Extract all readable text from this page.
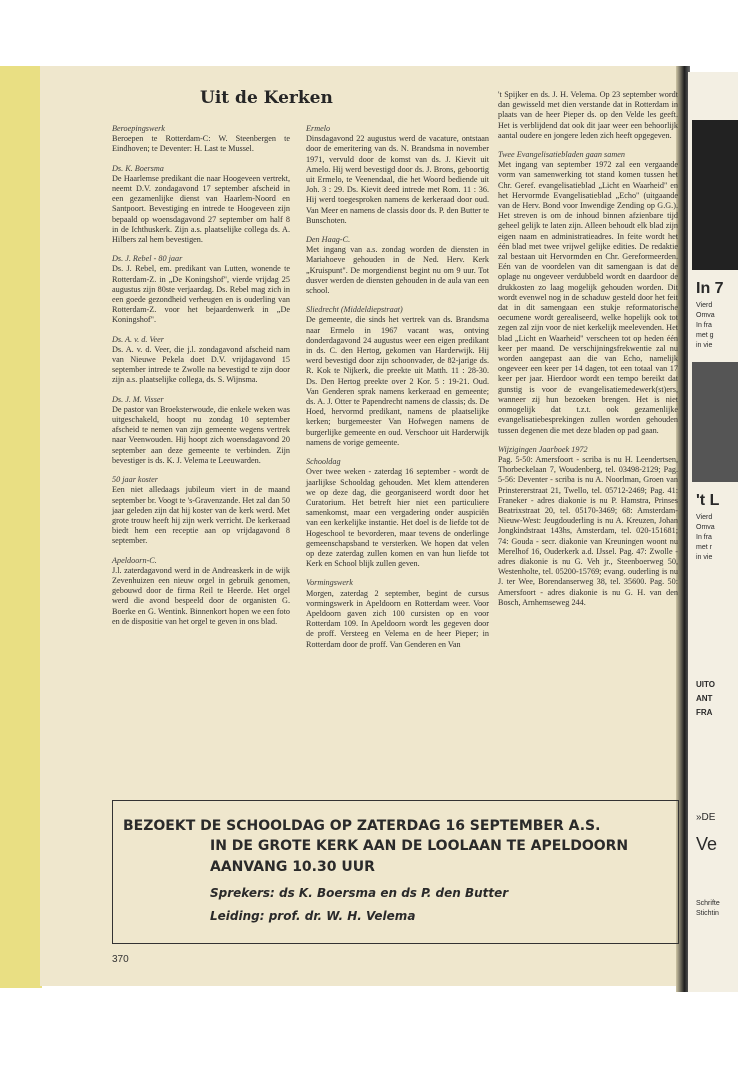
In 7
Vierd
Omva
In fra
met g
in vie
't L
Vierd
Omva
In fra
met r
in vie
UITO
ANT
FRA
»DE
Ve
Schrifte
Stichtin
Uit de Kerken
Beroepingswerk

Beroepen te Rotterdam-C: W. Steenbergen te Eindhoven; te Deventer: H. Last te Mussel.

Ds. K. Boersma

De Haarlemse predikant die naar Hoogeveen vertrekt, neemt D.V. zondagavond 17 september afscheid in een gezamenlijke dienst van Haarlem-Noord en Santpoort. Bevestiging en intrede te Hoogeveen zijn bepaald op woensdagavond 27 september om half 8 in de Ichthuskerk. Zijn a.s. plaatselijke collega ds. A. Hilbers zal hem bevestigen.

Ds. J. Rebel - 80 jaar

Ds. J. Rebel, em. predikant van Lutten, wonende te Rotterdam-Z. in „De Koningshof", vierde vrijdag 25 augustus zijn 80ste verjaardag. Ds. Rebel mag zich in een goede gezondheid verheugen en is ouderling van Rotterdam-Z. voor het bejaardenwerk in „De Koningshof".

Ds. A. v. d. Veer

Ds. A. v. d. Veer, die j.l. zondagavond afscheid nam van Nieuwe Pekela doet D.V. vrijdagavond 15 september intrede te Zwolle na bevestigd te zijn door zijn a.s. plaatselijke collega, ds. S. Wijnsma.

Ds. J. M. Visser

De pastor van Broeksterwoude, die enkele weken was uitgeschakeld, hoopt nu zondag 10 september afscheid te nemen van zijn gemeente wegens vertrek naar Veenwouden. Hij hoopt zich woensdagavond 20 september aan deze gemeente te verbinden. Zijn bevestiger is ds. K. J. Velema te Leeuwarden.

50 jaar koster

Een niet alledaags jubileum viert in de maand september br. Voogt te 's-Gravenzande. Het zal dan 50 jaar geleden zijn dat hij koster van de kerk werd. Met grote trouw heeft hij zijn werk verricht. De kerkeraad biedt hem een receptie aan op vrijdagavond 8 september.

Apeldoorn-C.

J.l. zaterdagavond werd in de Andreaskerk in de wijk Zevenhuizen een nieuw orgel in gebruik genomen, gebouwd door de firma Reil te Heerde. Het orgel werd die avond bespeeld door de organisten G. Boerke en G. Wentink. Binnenkort hopen we een foto en de dispositie van het orgel te geven in ons blad.

Ermelo

Dinsdagavond 22 augustus werd de vacature, ontstaan door de emeritering van ds. N. Brandsma in november 1971, vervuld door de komst van ds. J. Kievit uit Amelo. Hij werd bevestigd door ds. J. Brons, geboortig uit Ermelo, te Veenendaal, die het Woord bediende uit Joh. 3 : 29. Ds. Kievit deed intrede met Rom. 11 : 36. Hij werd toegesproken namens de kerkeraad door oud. Van Meer en namens de classis door ds. P. den Butter te Bunschoten.

Den Haag-C.

Met ingang van a.s. zondag worden de diensten in Mariahoeve gehouden in de Ned. Herv. Kerk „Kruispunt". De morgendienst begint nu om 9 uur. Tot dusver werden de diensten gehouden in de aula van een school.

Sliedrecht (Middeldiepstraat)

De gemeente, die sinds het vertrek van ds. Brandsma naar Ermelo in 1967 vacant was, ontving donderdagavond 24 augustus weer een eigen predikant in ds. C. den Hertog, gekomen van Harderwijk. Hij werd bevestigd door zijn schoonvader, de 82-jarige ds. R. Kok te Nijkerk, die preekte uit Matth. 11 : 28-30. Ds. Den Hertog preekte over 2 Kor. 5 : 19-21. Oud. Van Genderen sprak namens kerkeraad en gemeente; ds. A. J. Otter te Papendrecht namens de classis; ds. De Hoed, hervormd predikant, namens de plaatselijke kerken; burgemeester Van Hofwegen namens de burgerlijke gemeente en oud. Verschoor uit Harderwijk namens de vorige gemeente.

Schooldag

Over twee weken - zaterdag 16 september - wordt de jaarlijkse Schooldag gehouden. Met klem attenderen we op deze dag, die georganiseerd wordt door het Curatorium. Het betreft hier niet een particuliere samenkomst, maar een vergadering onder auspiciën van een kerkelijke instantie. Het doel is de liefde tot de Hogeschool te bevorderen, maar tevens de onderlinge gemeenschapsband te versterken. We hopen dat velen op deze zaterdag zullen komen en van hun liefde tot Kerk en School blijk zullen geven.

Vormingswerk

Morgen, zaterdag 2 september, begint de cursus vormingswerk in Apeldoorn en Rotterdam weer. Voor Apeldoorn gaven zich 100 cursisten op en voor Rotterdam 109. In Apeldoorn wordt les gegeven door de proff. Versteeg en Velema en de heer Pieper; in Rotterdam door de proff. Van Genderen en Van

't Spijker en ds. J. H. Velema. Op 23 september wordt dan gewisseld met dien verstande dat in Rotterdam in plaats van de heer Pieper ds. op den Velde les geeft. Het is verblijdend dat ook dit jaar weer een behoorlijk aantal oudere en jongere leden zich heeft opgegeven.

Twee Evangelisatiebladen gaan samen

Met ingang van september 1972 zal een vergaande vorm van samenwerking tot stand komen tussen het Chr. Geref. evangelisatieblad „Licht en Waarheid" en het Hervormde Evangelisatieblad „Echo" (uitgaande van de Herv. Bond voor Inwendige Zending op G.G.). Het streven is om de inhoud binnen afzienbare tijd geheel gelijk te laten zijn. Alleen behoudt elk blad zijn eigen naam en administratieadres. In feite wordt het één blad met twee vrijwel gelijke edities. De redaktie zal bestaan uit Hervormden en Chr. Gereformeerden. Eén van de voordelen van dit samengaan is dat de oplage nu ongeveer verdubbeld wordt en daardoor de drukkosten zo laag mogelijk gehouden worden. Dit wordt evenwel nog in de schaduw gesteld door het feit dat in dit samengaan een stukje reformatorische oecumene wordt gerealiseerd, welke hopelijk ook tot zegen zal zijn voor de niet kerkelijk meelevenden. Het blad „Licht en Waarheid" verscheen tot op heden één keer per maand. De verschijningsfrekwentie zal nu worden aangepast aan die van Echo, namelijk ongeveer een keer per 14 dagen, tot een totaal van 17 keer per jaar. Hierdoor wordt een tempo bereikt dat gunstig is voor de evangelisatiemedewerk(st)ers, wanneer zij hun bezoeken brengen. Het is niet onmogelijk dat t.z.t. ook gezamenlijke evangelisatiebesprekingen zullen worden gehouden tussen degenen die met deze bladen op pad gaan.

Wijzigingen Jaarboek 1972

Pag. 5-50: Amersfoort - scriba is nu H. Leendertsen, Thorbeckelaan 7, Woudenberg, tel. 03498-2129; Pag. 5-56: Deventer - scriba is nu A. Noorlman, Groen van Prinstererstraat 21, Twello, tel. 05712-2469; Pag. 41: Franeker - adres diakonie is nu P. Hamstra, Prinses Beatrixstraat 20, tel. 05170-3469; 68: Amsterdam-Nieuw-West: Jeugdouderling is nu A. Kreuzen, Johan Jongkindstraat 143hs, Amsterdam, tel. 020-151681; 74: Gouda - secr. diakonie van Kreuningen woont nu Merelhof 16, Ouderkerk a.d. IJssel. Pag. 47: Zwolle - adres diakonie is nu G. Veh jr., Steenboerweg 50, Westenholte, tel. 05200-15769; evang. ouderling is nu J. ter Wee, Borendanserweg 38, tel. 35600. Pag. 50: Amersfoort - adres diakonie is nu G. H. van den Bosch, Arnhemseweg 244.

BEZOEKT DE SCHOOLDAG OP ZATERDAG 16 SEPTEMBER A.S.
IN DE GROTE KERK AAN DE LOOLAAN TE APELDOORN
AANVANG 10.30 UUR
Sprekers: ds K. Boersma en ds P. den Butter
Leiding: prof. dr. W. H. Velema
370
